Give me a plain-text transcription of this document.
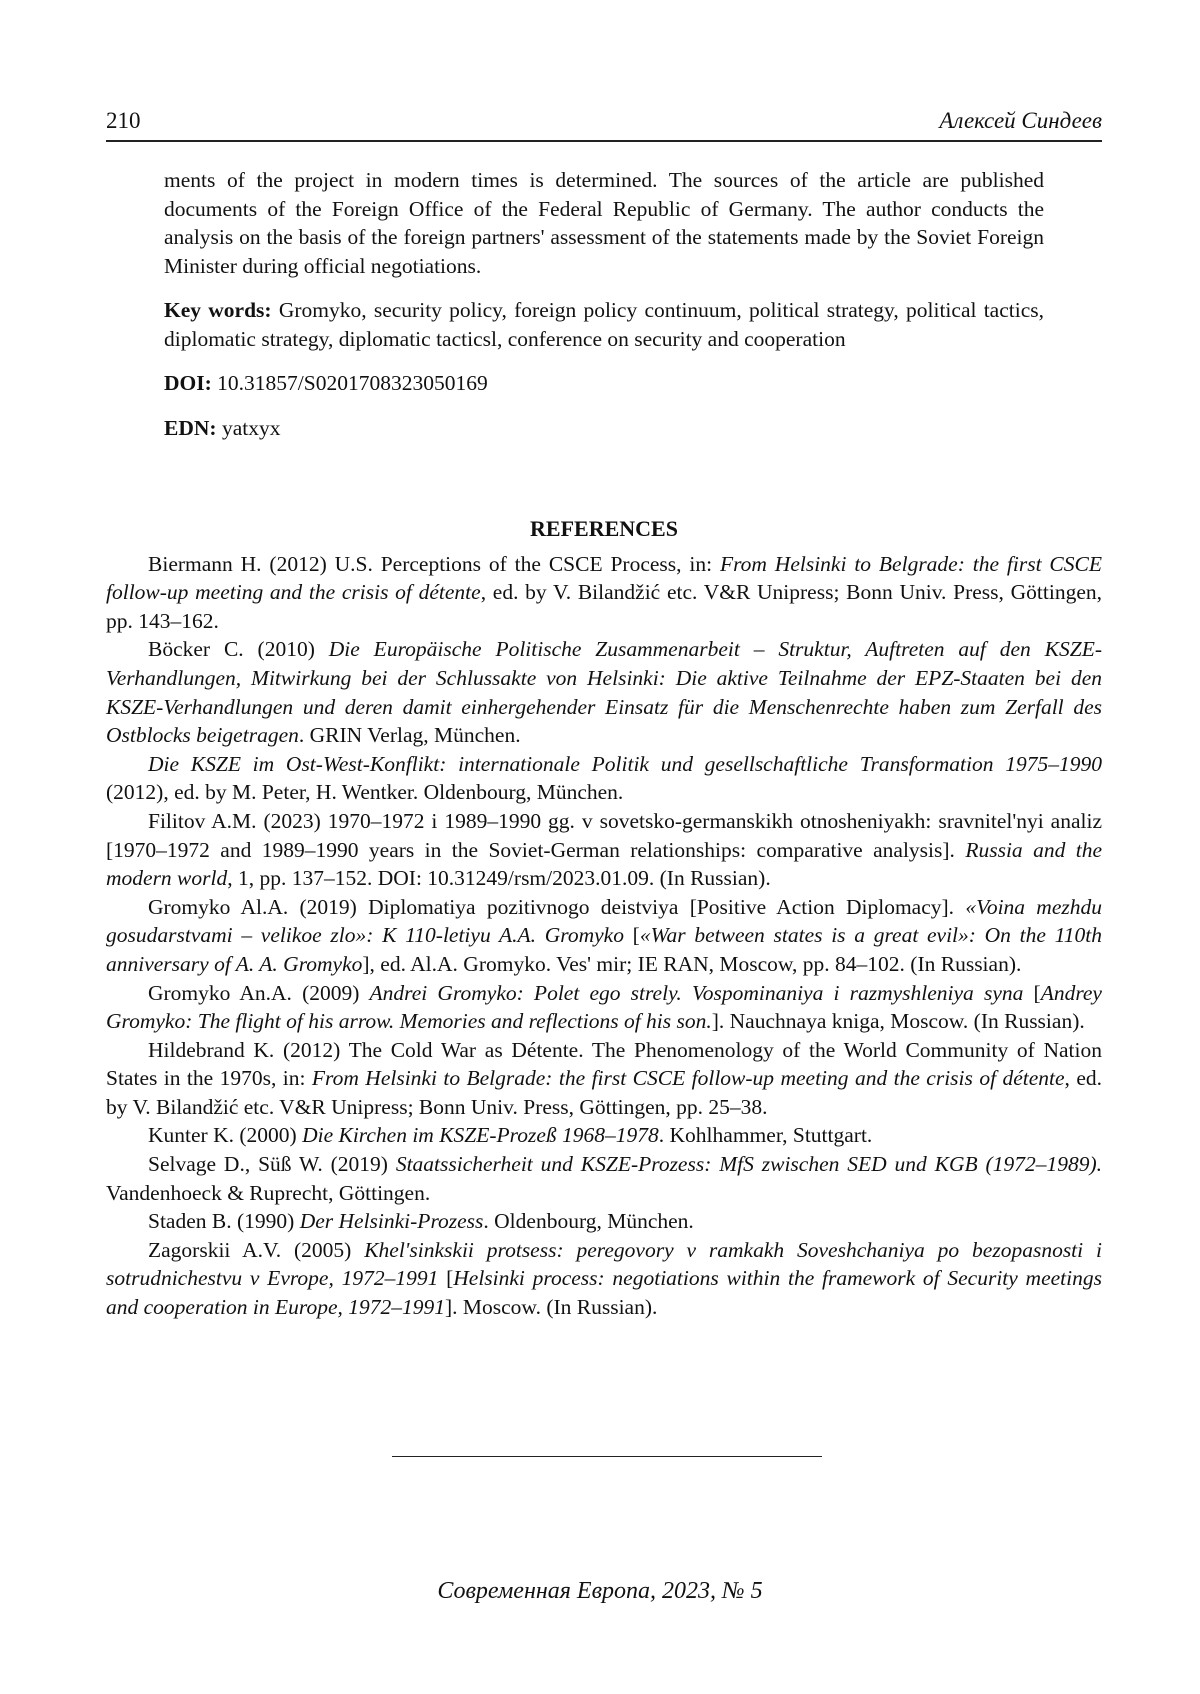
210	Алексей Синдеев

ments of the project in modern times is determined. The sources of the article are published documents of the Foreign Office of the Federal Republic of Germany. The author conducts the analysis on the basis of the foreign partners' assessment of the statements made by the Soviet Foreign Minister during official negotiations.

Key words: Gromyko, security policy, foreign policy continuum, political strategy, political tactics, diplomatic strategy, diplomatic tacticsl, conference on security and cooperation

DOI: 10.31857/S0201708323050169

EDN: yatxyx

REFERENCES

Biermann H. (2012) U.S. Perceptions of the CSCE Process, in: From Helsinki to Belgrade: the first CSCE follow-up meeting and the crisis of détente, ed. by V. Bilandžić etc. V&R Unipress; Bonn Univ. Press, Göttingen, pp. 143–162.

Böcker C. (2010) Die Europäische Politische Zusammenarbeit – Struktur, Auftreten auf den KSZE-Verhandlungen, Mitwirkung bei der Schlussakte von Helsinki: Die aktive Teilnahme der EPZ-Staaten bei den KSZE-Verhandlungen und deren damit einhergehender Einsatz für die Menschenrechte haben zum Zerfall des Ostblocks beigetragen. GRIN Verlag, München.

Die KSZE im Ost-West-Konflikt: internationale Politik und gesellschaftliche Transformation 1975–1990 (2012), ed. by M. Peter, H. Wentker. Oldenbourg, München.

Filitov A.M. (2023) 1970–1972 i 1989–1990 gg. v sovetsko-germanskikh otnosheniyakh: sravnitel'nyi analiz [1970–1972 and 1989–1990 years in the Soviet-German relationships: comparative analysis]. Russia and the modern world, 1, pp. 137–152. DOI: 10.31249/rsm/2023.01.09. (In Russian).

Gromyko Al.A. (2019) Diplomatiya pozitivnogo deistviya [Positive Action Diplomacy]. «Voina mezhdu gosudarstvami – velikoe zlo»: K 110-letiyu A.A. Gromyko [«War between states is a great evil»: On the 110th anniversary of A. A. Gromyko], ed. Al.A. Gromyko. Ves' mir; IE RAN, Moscow, pp. 84–102. (In Russian).

Gromyko An.A. (2009) Andrei Gromyko: Polet ego strely. Vospominaniya i razmyshleniya syna [Andrey Gromyko: The flight of his arrow. Memories and reflections of his son.]. Nauchnaya kniga, Moscow. (In Russian).

Hildebrand K. (2012) The Cold War as Détente. The Phenomenology of the World Community of Nation States in the 1970s, in: From Helsinki to Belgrade: the first CSCE follow-up meeting and the crisis of détente, ed. by V. Bilandžić etc. V&R Unipress; Bonn Univ. Press, Göttingen, pp. 25–38.

Kunter K. (2000) Die Kirchen im KSZE-Prozeß 1968–1978. Kohlhammer, Stuttgart.

Selvage D., Süß W. (2019) Staatssicherheit und KSZE-Prozess: MfS zwischen SED und KGB (1972–1989). Vandenhoeck & Ruprecht, Göttingen.

Staden B. (1990) Der Helsinki-Prozess. Oldenbourg, München.

Zagorskii A.V. (2005) Khel'sinkskii protsess: peregovory v ramkakh Soveshchaniya po bezopasnosti i sotrudnichestvu v Evrope, 1972–1991 [Helsinki process: negotiations within the framework of Security meetings and cooperation in Europe, 1972–1991]. Moscow. (In Russian).

Современная Европа, 2023, № 5
